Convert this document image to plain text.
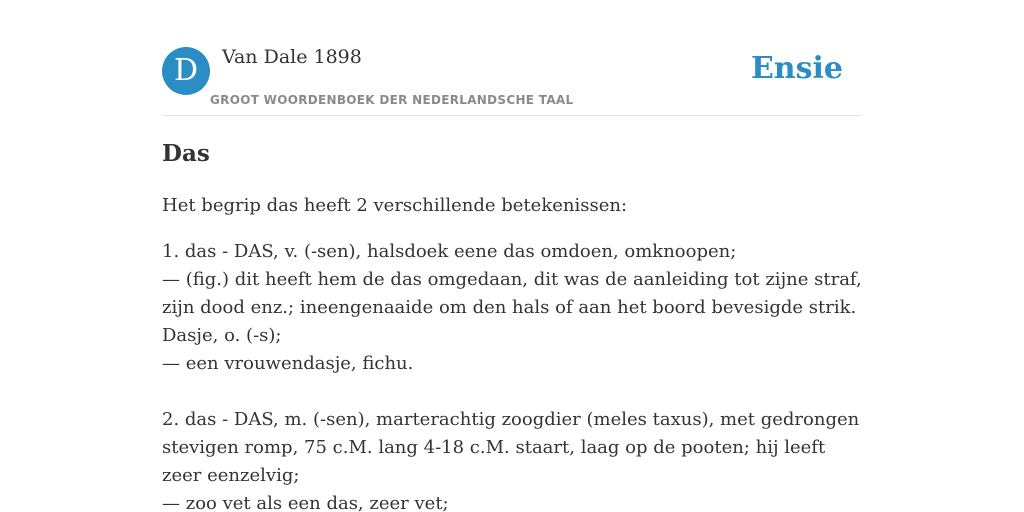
D	Van Dale 1898
GROOT WOORDENBOEK DER NEDERLANDSCHE TAAL
Ensie
Das

Het begrip das heeft 2 verschillende betekenissen:

1. das - DAS, v. (-sen), halsdoek eene das omdoen, omknoopen;
— (fig.) dit heeft hem de das omgedaan, dit was de aanleiding tot zijne straf, zijn dood enz.; ineengenaaide om den hals of aan het boord bevesigde strik. Dasje, o. (-s);
— een vrouwendasje, fichu.

2. das - DAS, m. (-sen), marterachtig zoogdier (meles taxus), met gedrongen stevigen romp, 75 c.M. lang 4-18 c.M. staart, laag op de pooten; hij leeft zeer eenzelvig;
— zoo vet als een das, zeer vet;
